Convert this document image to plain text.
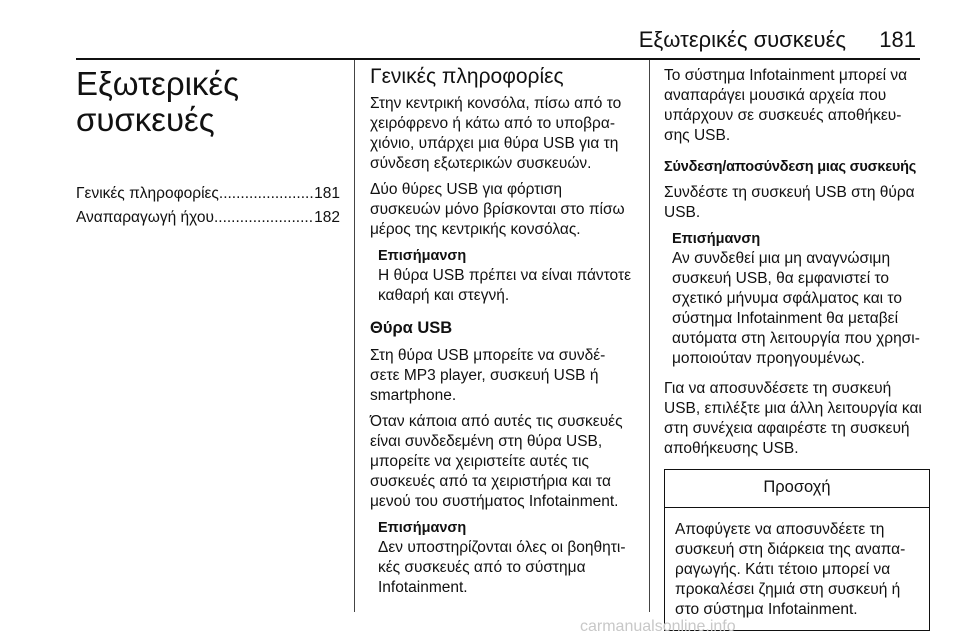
Εξωτερικές συσκευές 181
Εξωτερικές συσκευές
Γενικές πληροφορίες .....	181
Αναπαραγωγή ήχου .....	182
Γενικές πληροφορίες

Στην κεντρική κονσόλα, πίσω από το χειρόφρενο ή κάτω από το υποβρα- χιόνιο, υπάρχει μια θύρα USB για τη σύνδεση εξωτερικών συσκευών.

Δύο θύρες USB για φόρτιση συσκευών μόνο βρίσκονται στο πίσω μέρος της κεντρικής κονσόλας.

Επισήμανση

Η θύρα USB πρέπει να είναι πάντοτε καθαρή και στεγνή.

Θύρα USB

Στη θύρα USB μπορείτε να συνδέ- σετε MP3 player, συσκευή USB ή smartphone.

Όταν κάποια από αυτές τις συσκευές είναι συνδεδεμένη στη θύρα USB, μπορείτε να χειριστείτε αυτές τις συσκευές από τα χειριστήρια και τα μενού του συστήματος Infotainment.

Επισήμανση

Δεν υποστηρίζονται όλες οι βοηθητι- κές συσκευές από το σύστημα Infotainment.

Το σύστημα Infotainment μπορεί να αναπαράγει μουσικά αρχεία που υπάρχουν σε συσκευές αποθήκευ- σης USB.

Σύνδεση/αποσύνδεση μιας συσκευής

Συνδέστε τη συσκευή USB στη θύρα USB.

Επισήμανση

Αν συνδεθεί μια μη αναγνώσιμη συσκευή USB, θα εμφανιστεί το σχετικό μήνυμα σφάλματος και το σύστημα Infotainment θα μεταβεί αυτόματα στη λειτουργία που χρησι- μοποιούταν προηγουμένως.

Για να αποσυνδέσετε τη συσκευή USB, επιλέξτε μια άλλη λειτουργία και στη συνέχεια αφαιρέστε τη συσκευή αποθήκευσης USB.

Προσοχή
Αποφύγετε να αποσυνδέετε τη συσκευή στη διάρκεια της αναπα- ραγωγής. Κάτι τέτοιο μπορεί να προκαλέσει ζημιά στη συσκευή ή στο σύστημα Infotainment.
carmanualsonline.info
